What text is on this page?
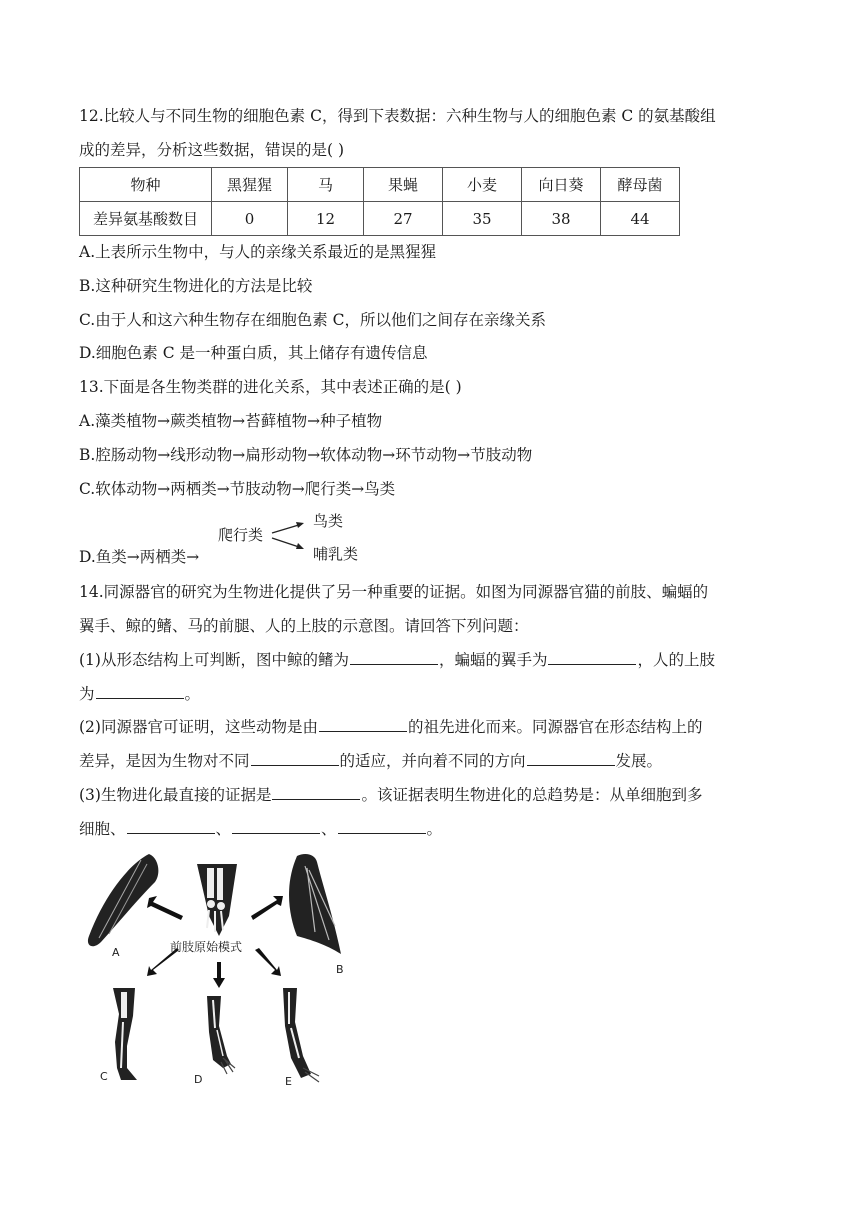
12.比较人与不同生物的细胞色素 C，得到下表数据：六种生物与人的细胞色素 C 的氨基酸组
成的差异，分析这些数据，错误的是( )
物种	黑猩猩	马	果蝇	小麦	向日葵	酵母菌
差异氨基酸数目	0	12	27	35	38	44
A.上表所示生物中，与人的亲缘关系最近的是黑猩猩
B.这种研究生物进化的方法是比较
C.由于人和这六种生物存在细胞色素 C，所以他们之间存在亲缘关系
D.细胞色素 C 是一种蛋白质，其上储存有遗传信息
13.下面是各生物类群的进化关系，其中表述正确的是( )
A.藻类植物→蕨类植物→苔藓植物→种子植物
B.腔肠动物→线形动物→扁形动物→软体动物→环节动物→节肢动物
C.软体动物→两栖类→节肢动物→爬行类→鸟类
D.鱼类→两栖类→
爬行类
鸟类
哺乳类
14.同源器官的研究为生物进化提供了另一种重要的证据。如图为同源器官猫的前肢、蝙蝠的
翼手、鲸的鳍、马的前腿、人的上肢的示意图。请回答下列问题：
(1)从形态结构上可判断，图中鲸的鳍为	，蝙蝠的翼手为	，人的上肢
为	。
(2)同源器官可证明，这些动物是由	的祖先进化而来。同源器官在形态结构上的
差异，是因为生物对不同	的适应，并向着不同的方向	发展。
(3)生物进化最直接的证据是	。该证据表明生物进化的总趋势是：从单细胞到多
细胞、	、	、	。
前肢原始模式
A
B
C	D	E
